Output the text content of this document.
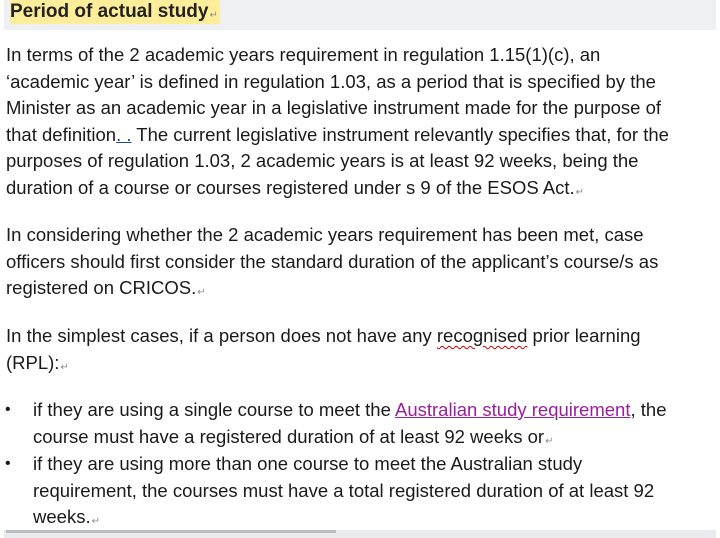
Period of actual study↵
In terms of the 2 academic years requirement in regulation 1.15(1)(c), an
‘academic year’ is defined in regulation 1.03, as a period that is specified by the
Minister as an academic year in a legislative instrument made for the purpose of
that definition. . The current legislative instrument relevantly specifies that, for the
purposes of regulation 1.03, 2 academic years is at least 92 weeks, being the
duration of a course or courses registered under s 9 of the ESOS Act.↵
In considering whether the 2 academic years requirement has been met, case
officers should first consider the standard duration of the applicant’s course/s as
registered on CRICOS.↵
In the simplest cases, if a person does not have any recognised prior learning
(RPL):↵
• if they are using a single course to meet the Australian study requirement, the
course must have a registered duration of at least 92 weeks or↵
• if they are using more than one course to meet the Australian study
requirement, the courses must have a total registered duration of at least 92
weeks.↵
